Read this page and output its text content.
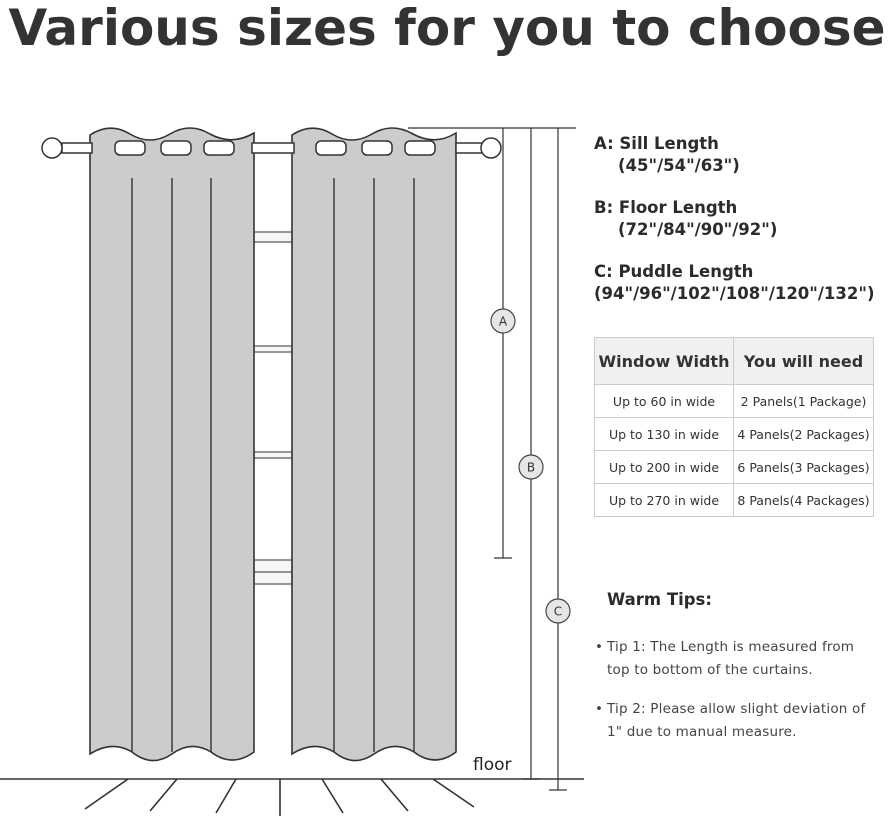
Various sizes for you to choose
A
B
C
floor
A: Sill Length
(45"/54"/63")
B: Floor Length
(72"/84"/90"/92")
C: Puddle Length
(94"/96"/102"/108"/120"/132")
Window Width	You will need
Up to 60 in wide	2 Panels(1 Package)
Up to 130 in wide	4 Panels(2 Packages)
Up to 200 in wide	6 Panels(3 Packages)
Up to 270 in wide	8 Panels(4 Packages)
Warm Tips:
• Tip 1: The Length is measured from top to bottom of the curtains.
• Tip 2: Please allow slight deviation of 1" due to manual measure.
